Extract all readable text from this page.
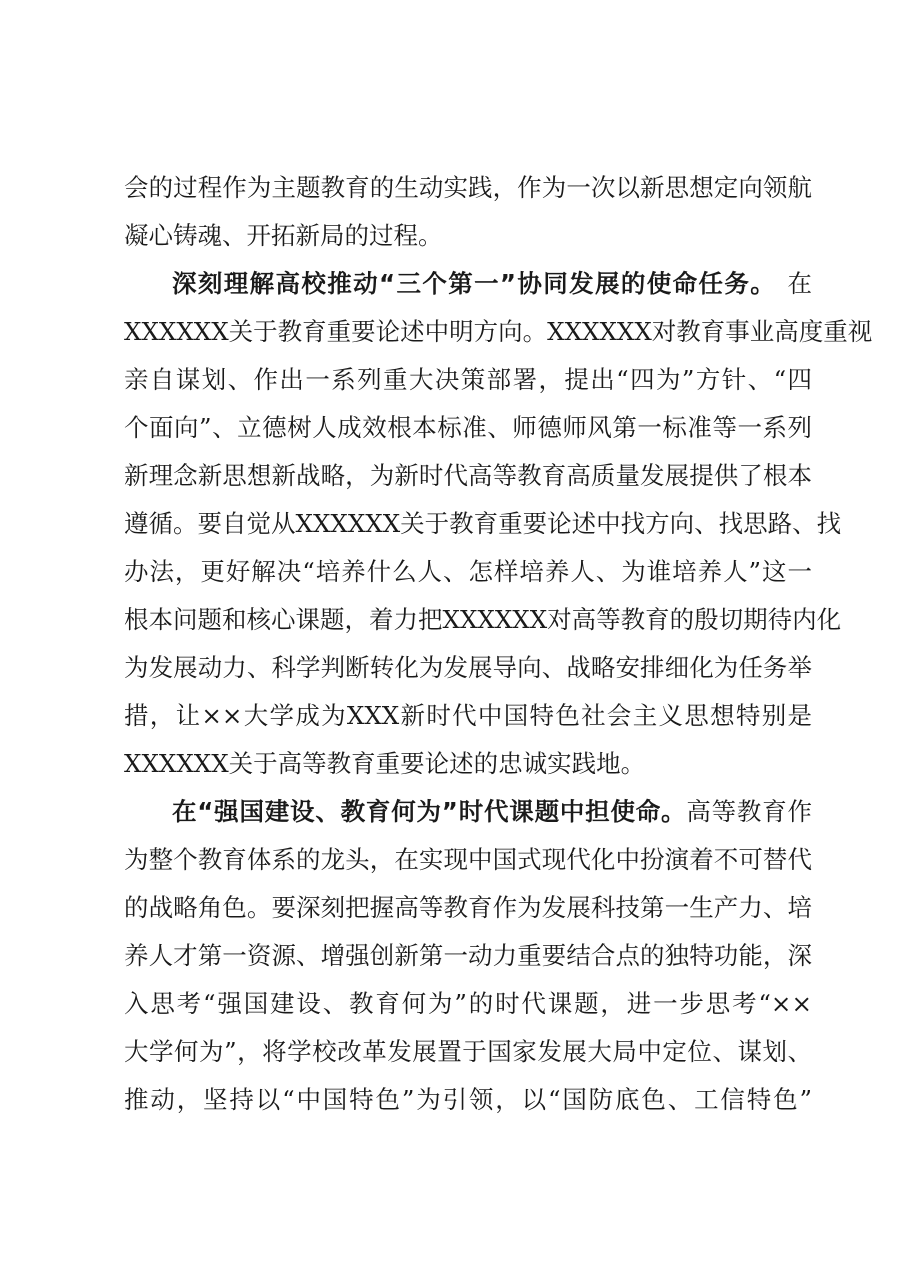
会的过程作为主题教育的生动实践，作为一次以新思想定向领航
凝心铸魂、开拓新局的过程。
深刻理解高校推动“三个第一”协同发展的使命任务。 在
XXXXXX关于教育重要论述中明方向。XXXXXX对教育事业高度重视
亲自谋划、作出一系列重大决策部署，提出“四为”方针、“四
个面向”、立德树人成效根本标准、师德师风第一标准等一系列
新理念新思想新战略，为新时代高等教育高质量发展提供了根本
遵循。要自觉从XXXXXX关于教育重要论述中找方向、找思路、找
办法，更好解决“培养什么人、怎样培养人、为谁培养人”这一
根本问题和核心课题，着力把XXXXXX对高等教育的殷切期待内化
为发展动力、科学判断转化为发展导向、战略安排细化为任务举
措，让××大学成为XXX新时代中国特色社会主义思想特别是
XXXXXX关于高等教育重要论述的忠诚实践地。
在“强国建设、教育何为”时代课题中担使命。高等教育作
为整个教育体系的龙头，在实现中国式现代化中扮演着不可替代
的战略角色。要深刻把握高等教育作为发展科技第一生产力、培
养人才第一资源、增强创新第一动力重要结合点的独特功能，深
入思考“强国建设、教育何为”的时代课题，进一步思考“××
大学何为”，将学校改革发展置于国家发展大局中定位、谋划、
推动，坚持以“中国特色”为引领，以“国防底色、工信特色”
